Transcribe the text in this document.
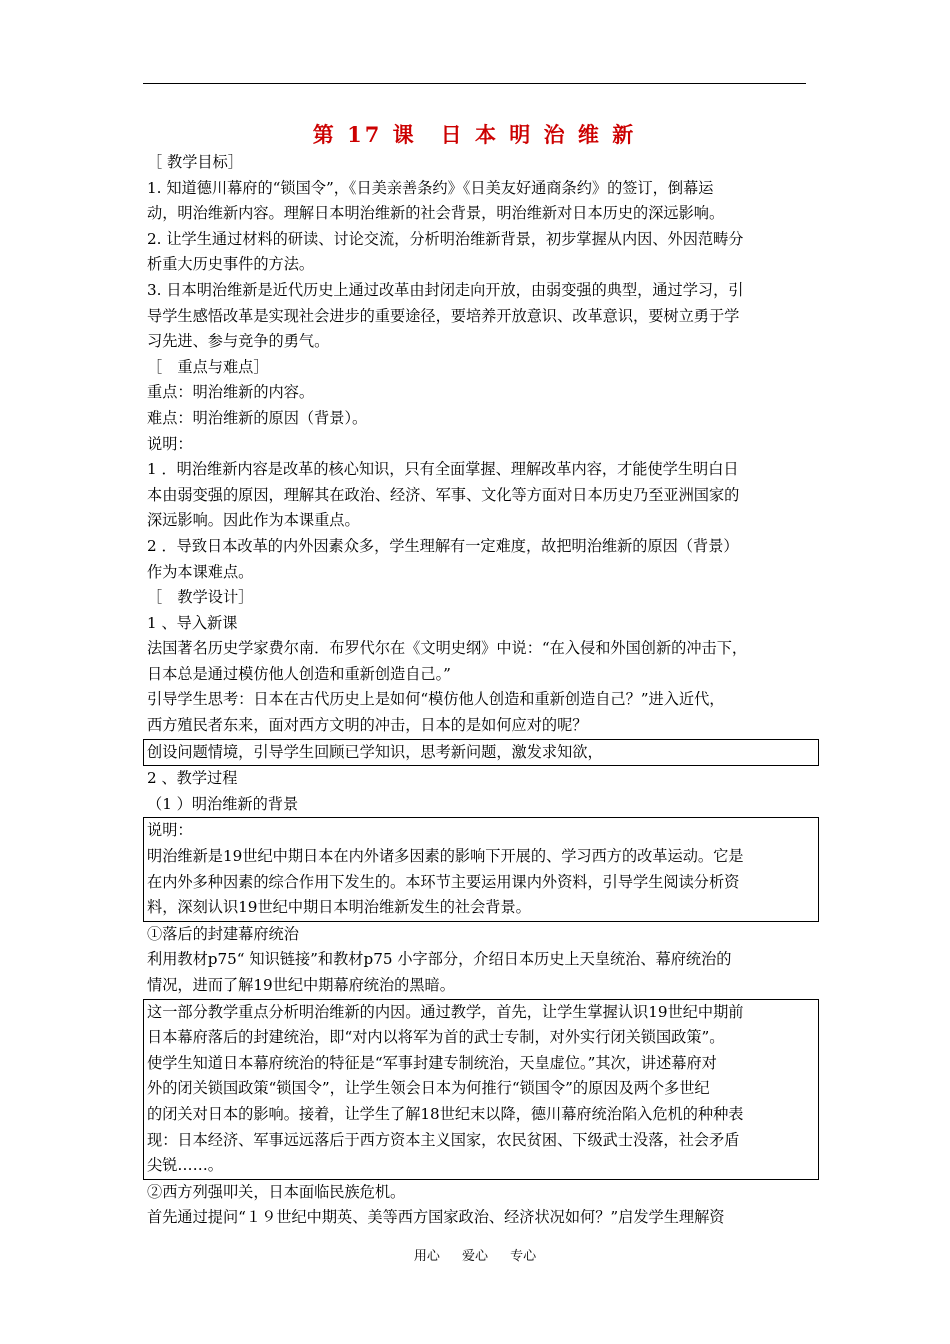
第 17 课　日 本 明 治 维 新
［ 教学目标］
1. 知道德川幕府的“锁国令”，《日美亲善条约》《日美友好通商条约》的签订，倒幕运
动，明治维新内容。理解日本明治维新的社会背景，明治维新对日本历史的深远影响。
2. 让学生通过材料的研读、讨论交流，分析明治维新背景，初步掌握从内因、外因范畴分
析重大历史事件的方法。
3. 日本明治维新是近代历史上通过改革由封闭走向开放，由弱变强的典型，通过学习，引
导学生感悟改革是实现社会进步的重要途径，要培养开放意识、改革意识，要树立勇于学
习先进、参与竞争的勇气。
［　重点与难点］
重点：明治维新的内容。
难点：明治维新的原因（背景）。
说明：
1 ．明治维新内容是改革的核心知识，只有全面掌握、理解改革内容，才能使学生明白日
本由弱变强的原因，理解其在政治、经济、军事、文化等方面对日本历史乃至亚洲国家的
深远影响。因此作为本课重点。
2 ．导致日本改革的内外因素众多，学生理解有一定难度，故把明治维新的原因（背景）
作为本课难点。
［　教学设计］
1 、导入新课
法国著名历史学家费尔南．布罗代尔在《文明史纲》中说：“在入侵和外国创新的冲击下，
日本总是通过模仿他人创造和重新创造自己。”
引导学生思考：日本在古代历史上是如何“模仿他人创造和重新创造自己？”进入近代，
西方殖民者东来，面对西方文明的冲击，日本的是如何应对的呢？
创设问题情境，引导学生回顾已学知识，思考新问题，激发求知欲，
2 、教学过程
（1 ）明治维新的背景
说明：
明治维新是19世纪中期日本在内外诸多因素的影响下开展的、学习西方的改革运动。它是
在内外多种因素的综合作用下发生的。本环节主要运用课内外资料，引导学生阅读分析资
料，深刻认识19世纪中期日本明治维新发生的社会背景。
①落后的封建幕府统治
利用教材p75“ 知识链接”和教材p75 小字部分，介绍日本历史上天皇统治、幕府统治的
情况，进而了解19世纪中期幕府统治的黑暗。
这一部分教学重点分析明治维新的内因。通过教学，首先，让学生掌握认识19世纪中期前
日本幕府落后的封建统治，即“对内以将军为首的武士专制，对外实行闭关锁国政策”。
使学生知道日本幕府统治的特征是“军事封建专制统治，天皇虚位。”其次，讲述幕府对
外的闭关锁国政策“锁国令”，让学生领会日本为何推行“锁国令”的原因及两个多世纪
的闭关对日本的影响。接着，让学生了解18世纪末以降，德川幕府统治陷入危机的种种表
现：日本经济、军事远远落后于西方资本主义国家，农民贫困、下级武士没落，社会矛盾
尖锐……。
②西方列强叩关，日本面临民族危机。
首先通过提问“１９世纪中期英、美等西方国家政治、经济状况如何？”启发学生理解资
用心 爱心 专心
